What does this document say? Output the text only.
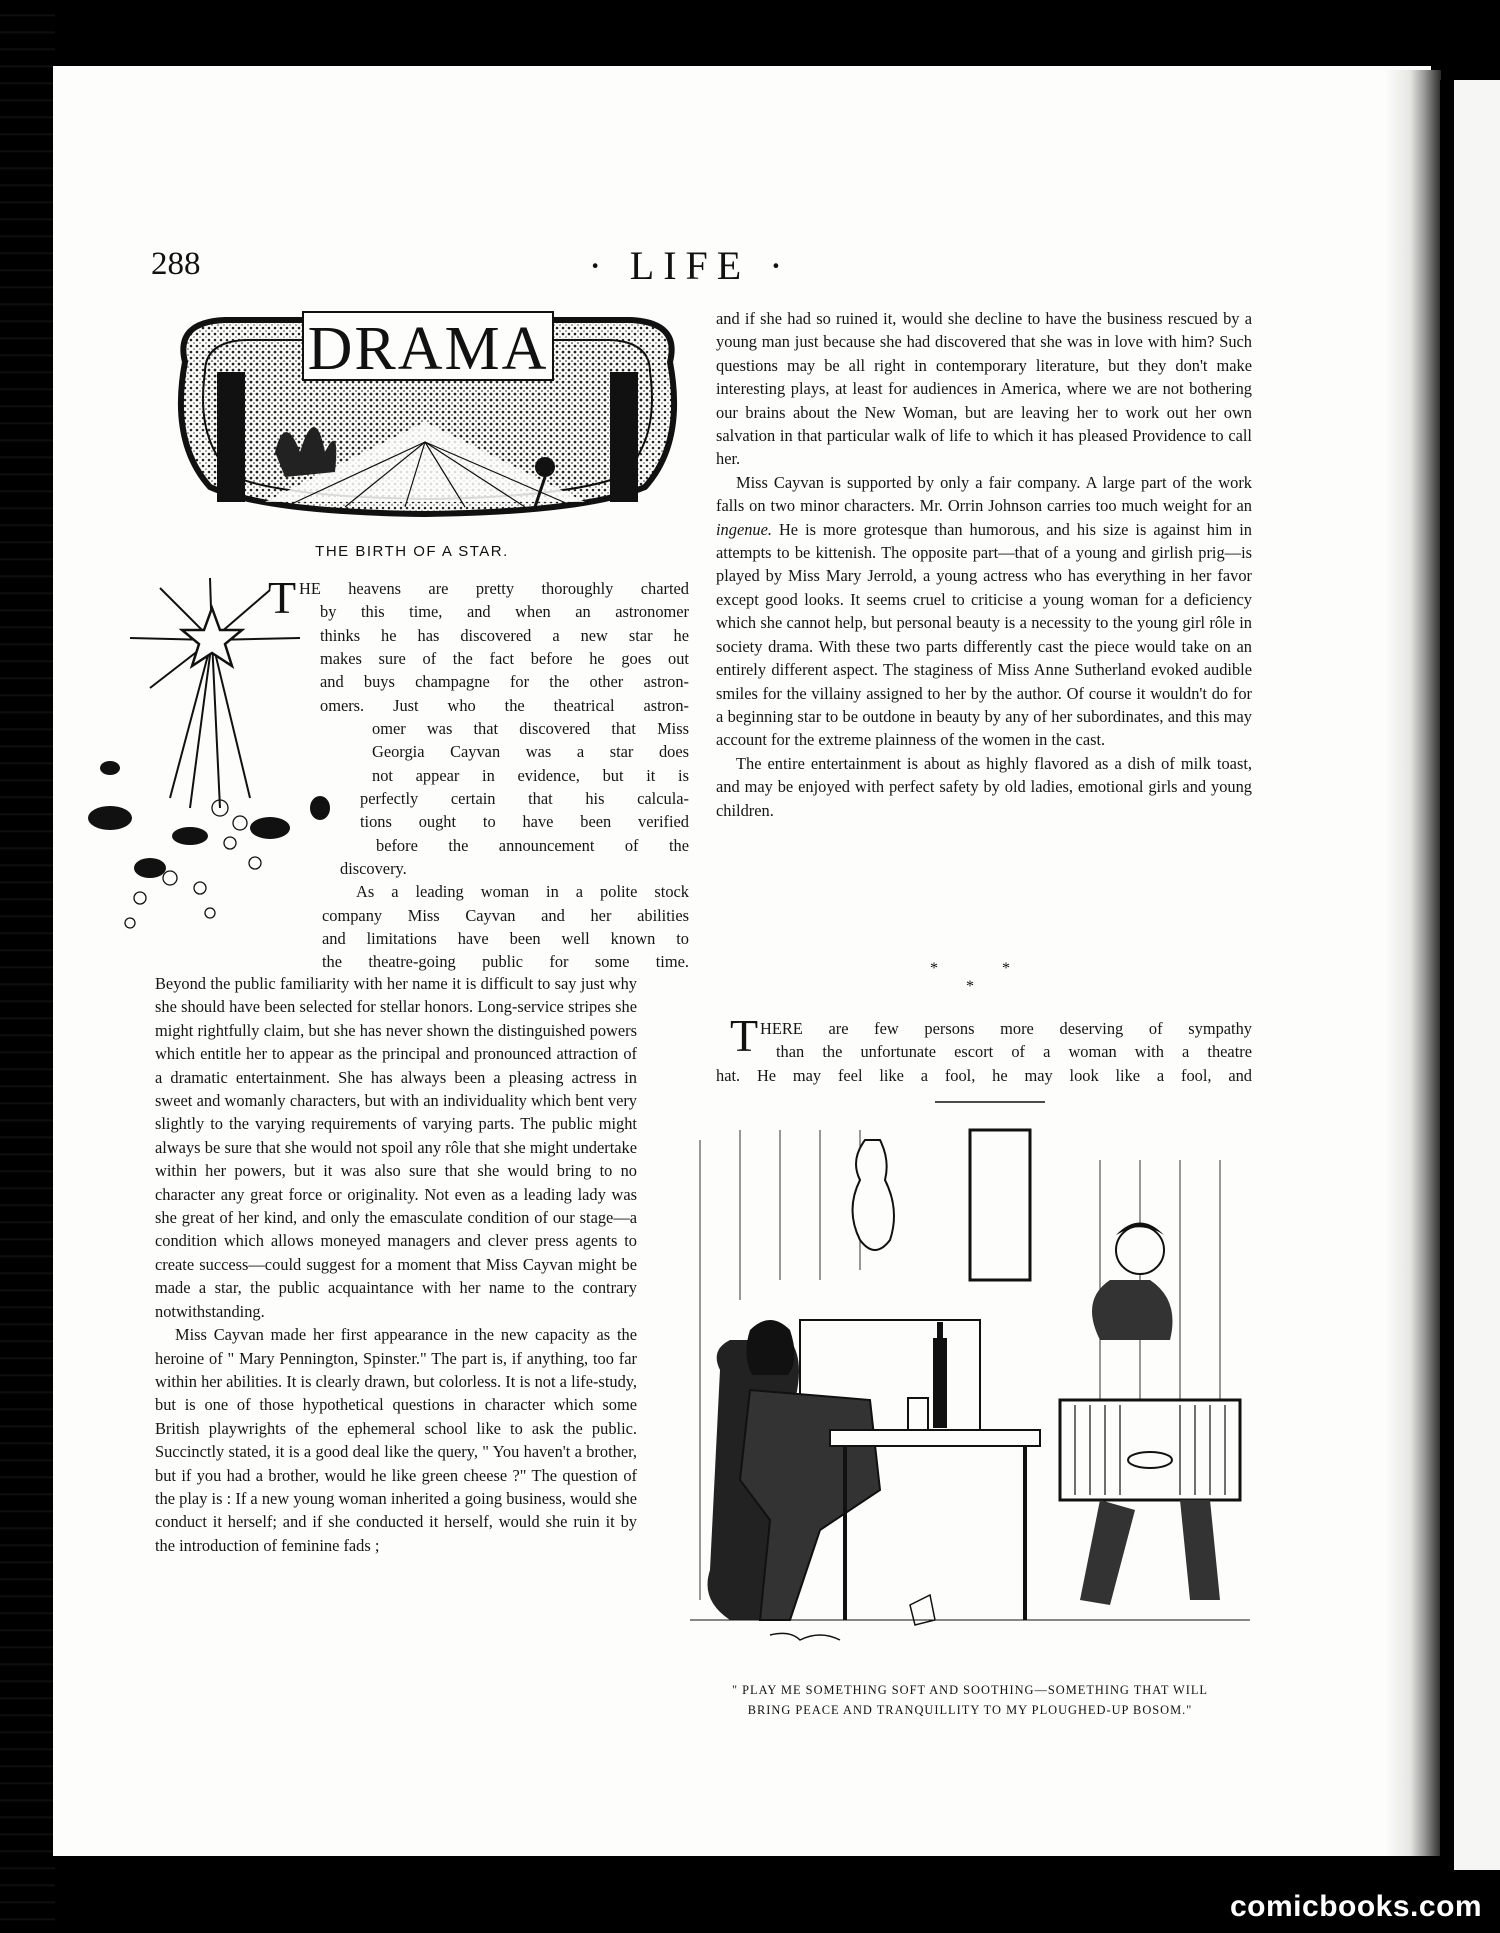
288	· LIFE ·
DRAMA
THE BIRTH OF A STAR.
T HE heavens are pretty thoroughly charted
by this time, and when an astronomer
thinks he has discovered a new star he
makes sure of the fact before he goes out
and buys champagne for the other astron-
omers. Just who the theatrical astron-
omer was that discovered that Miss
Georgia Cayvan was a star does
not appear in evidence, but it is
perfectly certain that his calcula-
tions ought to have been verified
before the announcement of the
discovery.
As a leading woman in a polite stock
company Miss Cayvan and her abilities
and limitations have been well known to
the theatre-going public for some time.

Beyond the public familiarity with her name it is difficult to say just why she should have been selected for stellar honors. Long-service stripes she might rightfully claim, but she has never shown the distinguished powers which entitle her to appear as the principal and pronounced attraction of a dramatic entertainment. She has always been a pleasing actress in sweet and womanly characters, but with an individuality which bent very slightly to the varying requirements of varying parts. The public might always be sure that she would not spoil any rôle that she might undertake within her powers, but it was also sure that she would bring to no character any great force or originality. Not even as a leading lady was she great of her kind, and only the emasculate condition of our stage—a condition which allows moneyed managers and clever press agents to create success—could suggest for a moment that Miss Cayvan might be made a star, the public acquaintance with her name to the contrary notwithstanding.

Miss Cayvan made her first appearance in the new capacity as the heroine of " Mary Pennington, Spinster." The part is, if anything, too far within her abilities. It is clearly drawn, but colorless. It is not a life-study, but is one of those hypothetical questions in character which some British playwrights of the ephemeral school like to ask the public. Succinctly stated, it is a good deal like the query, " You haven't a brother, but if you had a brother, would he like green cheese ?" The question of the play is : If a new young woman inherited a going business, would she conduct it herself; and if she conducted it herself, would she ruin it by the introduction of feminine fads ;

and if she had so ruined it, would she decline to have the business rescued by a young man just because she had discovered that she was in love with him? Such questions may be all right in contemporary literature, but they don't make interesting plays, at least for audiences in America, where we are not bothering our brains about the New Woman, but are leaving her to work out her own salvation in that particular walk of life to which it has pleased Providence to call her.

Miss Cayvan is supported by only a fair company. A large part of the work falls on two minor characters. Mr. Orrin Johnson carries too much weight for an ingenue. He is more grotesque than humorous, and his size is against him in attempts to be kittenish. The opposite part—that of a young and girlish prig—is played by Miss Mary Jerrold, a young actress who has everything in her favor except good looks. It seems cruel to criticise a young woman for a deficiency which she cannot help, but personal beauty is a necessity to the young girl rôle in society drama. With these two parts differently cast the piece would take on an entirely different aspect. The staginess of Miss Anne Sutherland evoked audible smiles for the villainy assigned to her by the author. Of course it wouldn't do for a beginning star to be outdone in beauty by any of her subordinates, and this may account for the extreme plainness of the women in the cast.

The entire entertainment is about as highly flavored as a dish of milk toast, and may be enjoyed with perfect safety by old ladies, emotional girls and young children.

* * *
T HERE are few persons more deserving of sympathy
than the unfortunate escort of a woman with a theatre
hat. He may feel like a fool, he may look like a fool, and
" PLAY ME SOMETHING SOFT AND SOOTHING—SOMETHING THAT WILL
BRING PEACE AND TRANQUILLITY TO MY PLOUGHED-UP BOSOM."
comicbooks.com
